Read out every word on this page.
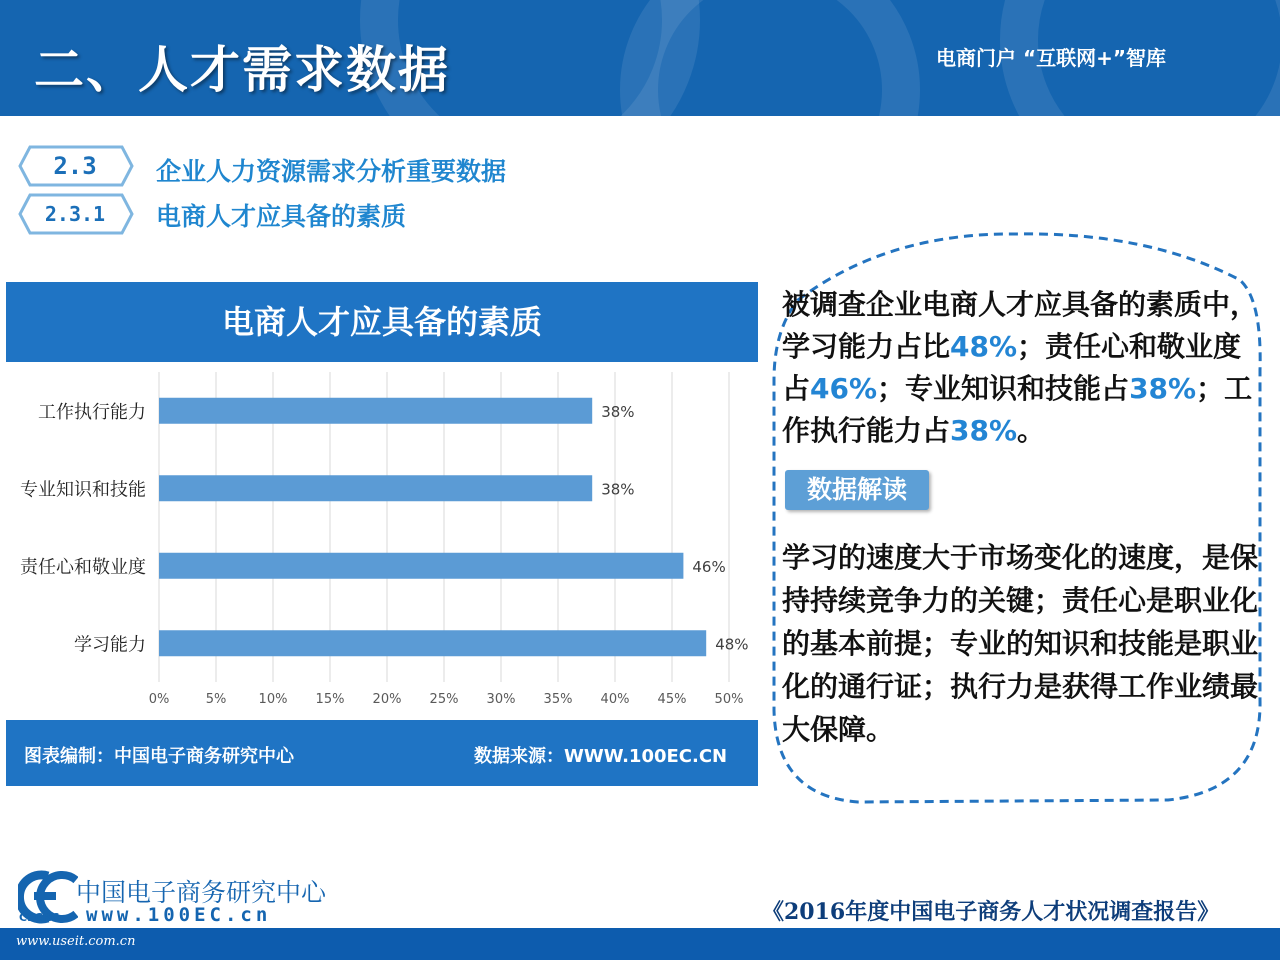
二、人才需求数据	电商门户 “互联网+”智库
2.3	企业人力资源需求分析重要数据
2.3.1	电商人才应具备的素质
电商人才应具备的素质
0%	5% 10% 15% 20% 25% 30% 35% 40% 45% 50%
工作执行能力	38%
专业知识和技能	38%
责任心和敬业度	46%
学习能力	48%
图表编制：中国电子商务研究中心	数据来源：WWW.100EC.CN
被调查企业电商人才应具备的素质中，学习能力占比48%；责任心和敬业度占46%；专业知识和技能占38%；工作执行能力占38%。
数据解读
学习的速度大于市场变化的速度，是保持持续竞争力的关键；责任心是职业化的基本前提；专业的知识和技能是职业化的通行证；执行力是获得工作业绩最大保障。
中国电子商务研究中心
CECRC www.100EC.cn	《2016年度中国电子商务人才状况调查报告》
www.useit.com.cn
